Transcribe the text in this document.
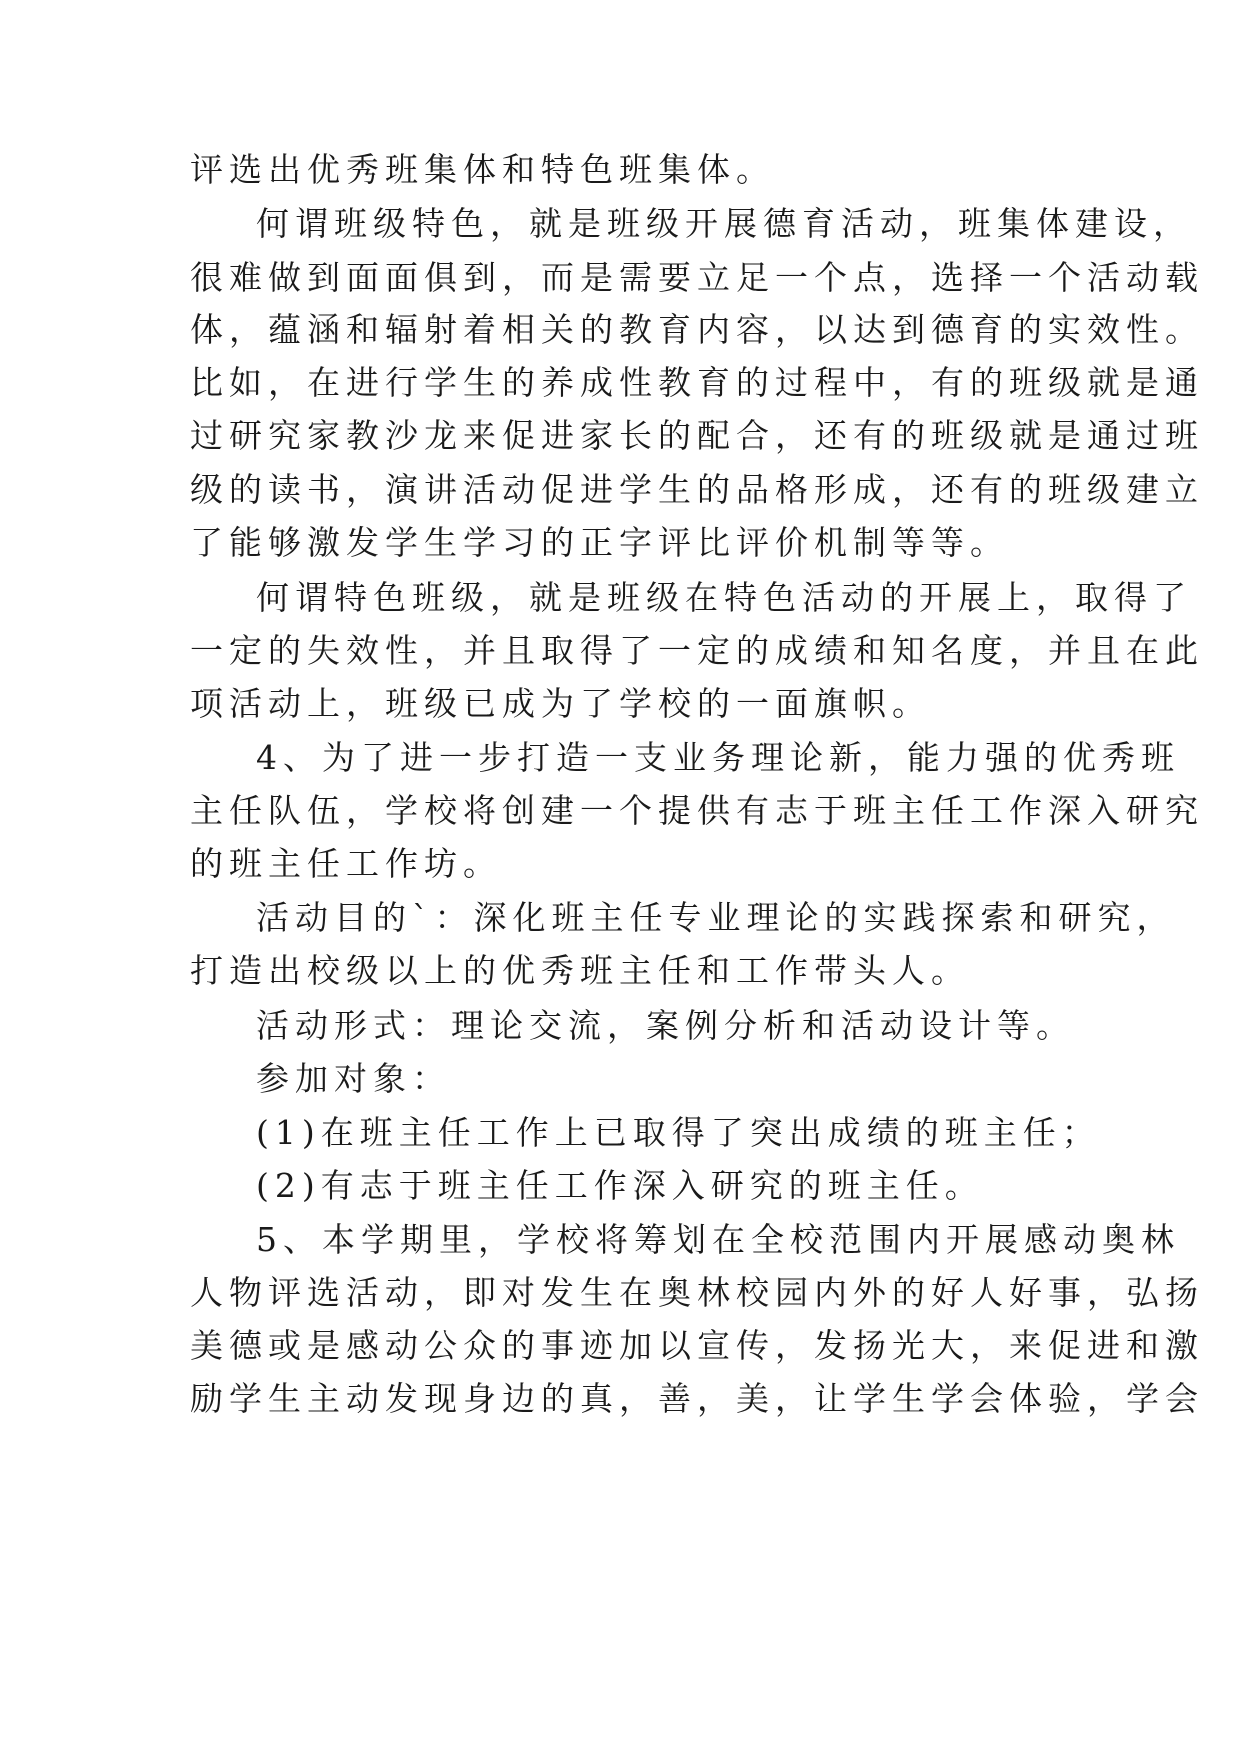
评选出优秀班集体和特色班集体。
何谓班级特色，就是班级开展德育活动，班集体建设，
很难做到面面俱到，而是需要立足一个点，选择一个活动载
体，蕴涵和辐射着相关的教育内容，以达到德育的实效性。
比如，在进行学生的养成性教育的过程中，有的班级就是通
过研究家教沙龙来促进家长的配合，还有的班级就是通过班
级的读书，演讲活动促进学生的品格形成，还有的班级建立
了能够激发学生学习的正字评比评价机制等等。
何谓特色班级，就是班级在特色活动的开展上，取得了
一定的失效性，并且取得了一定的成绩和知名度，并且在此
项活动上，班级已成为了学校的一面旗帜。
4、为了进一步打造一支业务理论新，能力强的优秀班
主任队伍，学校将创建一个提供有志于班主任工作深入研究
的班主任工作坊。
活动目的`：深化班主任专业理论的实践探索和研究，
打造出校级以上的优秀班主任和工作带头人。
活动形式：理论交流，案例分析和活动设计等。
参加对象：
(1)在班主任工作上已取得了突出成绩的班主任；
(2)有志于班主任工作深入研究的班主任。
5、本学期里，学校将筹划在全校范围内开展感动奥林
人物评选活动，即对发生在奥林校园内外的好人好事，弘扬
美德或是感动公众的事迹加以宣传，发扬光大，来促进和激
励学生主动发现身边的真，善，美，让学生学会体验，学会
